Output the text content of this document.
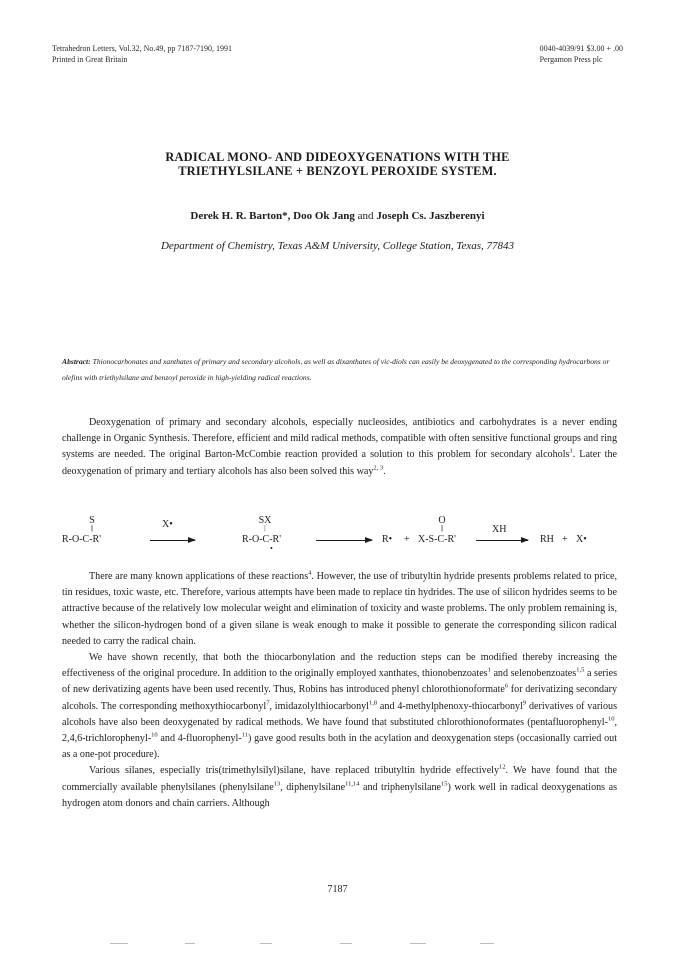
Tetrahedron Letters, Vol.32, No.49, pp 7187-7190, 1991
Printed in Great Britain
0040-4039/91 $3.00 + .00
Pergamon Press plc
RADICAL MONO- AND DIDEOXYGENATIONS WITH THE
TRIETHYLSILANE + BENZOYL PEROXIDE SYSTEM.
Derek H. R. Barton*, Doo Ok Jang and Joseph Cs. Jaszberenyi
Department of Chemistry, Texas A&M University, College Station, Texas, 77843
Abstract: Thionocarbonates and xanthates of primary and secondary alcohols, as well as dixanthates of vic-diols can easily be deoxygenated to the corresponding hydrocarbons or olefins with triethylsilane and benzoyl peroxide in high-yielding radical reactions.

Deoxygenation of primary and secondary alcohols, especially nucleosides, antibiotics and carbohydrates is a never ending challenge in Organic Synthesis. Therefore, efficient and mild radical methods, compatible with often sensitive functional groups and ring systems are needed. The original Barton-McCombie reaction provided a solution to this problem for secondary alcohols$^1$. Later the deoxygenation of primary and tertiary alcohols has also been solved this way$^{2, 3}$.

S
||
R-O-C-R'
X•	SX
|
R-O-C-R'
•
R• +
O
||
X-S-C-R'
XH
RH + X•

There are many known applications of these reactions$^4$. However, the use of tributyltin hydride presents problems related to price, tin residues, toxic waste, etc. Therefore, various attempts have been made to replace tin hydrides. The use of silicon hydrides seems to be attractive because of the relatively low molecular weight and elimination of toxicity and waste problems. The only problem remaining is, whether the silicon-hydrogen bond of a given silane is weak enough to make it possible to generate the corresponding silicon radical needed to carry the radical chain.

We have shown recently, that both the thiocarbonylation and the reduction steps can be modified thereby increasing the effectiveness of the original procedure. In addition to the originally employed xanthates, thionobenzoates$^1$ and selenobenzoates$^{1,5}$ a series of new derivatizing agents have been used recently. Thus, Robins has introduced phenyl chlorothionoformate$^6$ for derivatizing secondary alcohols. The corresponding methoxythiocarbonyl$^7$, imidazolylthiocarbonyl$^{1,8}$ and 4-methylphenoxy-thiocarbonyl$^9$ derivatives of various alcohols have also been deoxygenated by radical methods. We have found that substituted chlorothionoformates (pentafluorophenyl-$^{10}$, 2,4,6-trichlorophenyl-$^{10}$ and 4-fluorophenyl-$^{11}$) gave good results both in the acylation and deoxygenation steps (occasionally carried out as a one-pot procedure).

Various silanes, especially tris(trimethylsilyl)silane, have replaced tributyltin hydride effectively$^{12}$. We have found that the commercially available phenylsilanes (phenylsilane$^{13}$, diphenylsilane$^{11,14}$ and triphenylsilane$^{15}$) work well in radical deoxygenations as hydrogen atom donors and chain carriers. Although

7187
